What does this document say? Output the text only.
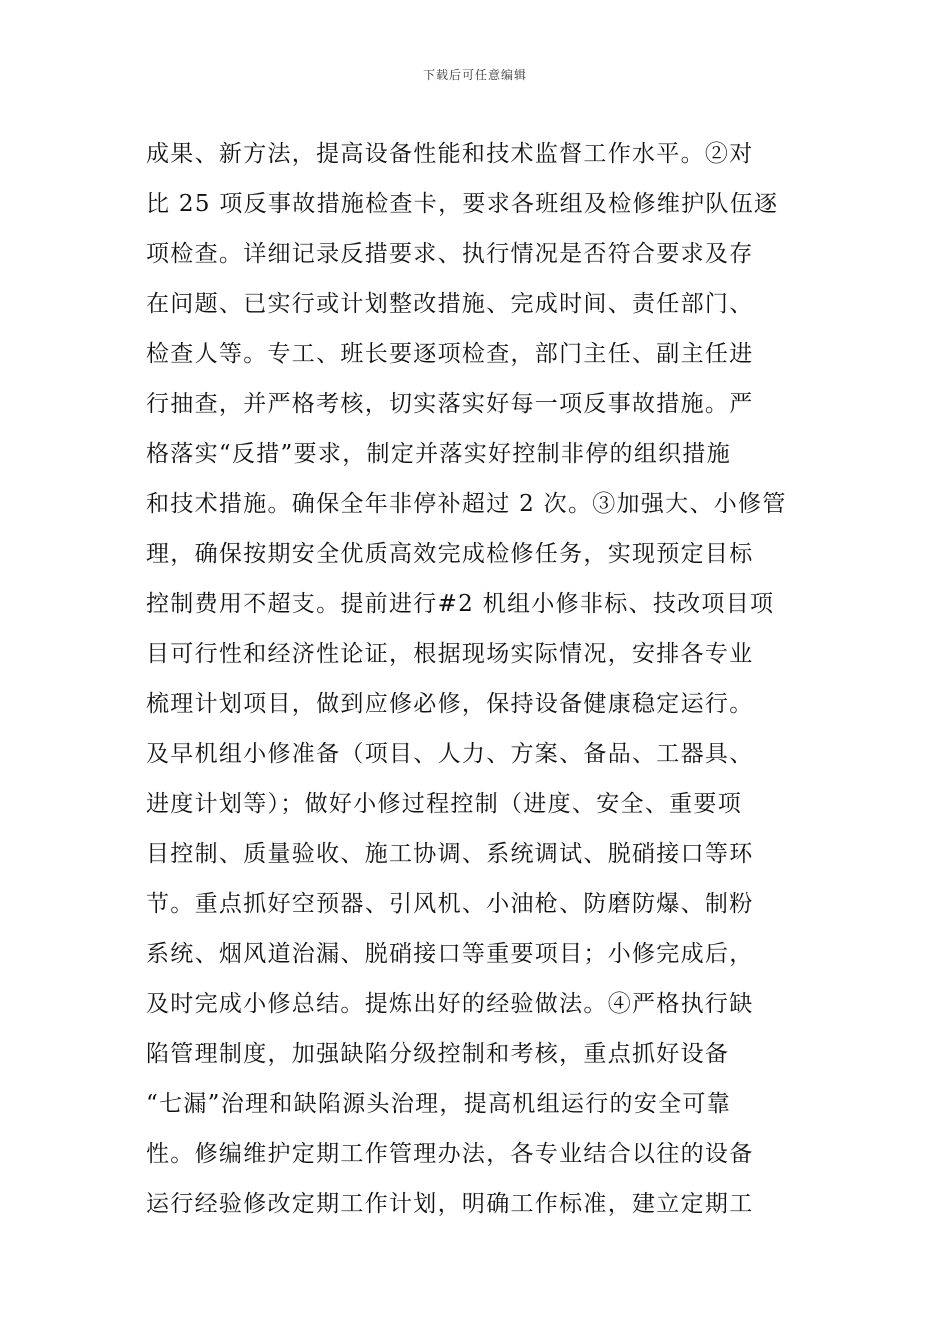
下载后可任意编辑
成果、新方法，提高设备性能和技术监督工作水平。②对
比 25 项反事故措施检查卡，要求各班组及检修维护队伍逐
项检查。详细记录反措要求、执行情况是否符合要求及存
在问题、已实行或计划整改措施、完成时间、责任部门、
检查人等。专工、班长要逐项检查，部门主任、副主任进
行抽查，并严格考核，切实落实好每一项反事故措施。严
格落实“反措”要求，制定并落实好控制非停的组织措施
和技术措施。确保全年非停补超过 2 次。③加强大、小修管
理，确保按期安全优质高效完成检修任务，实现预定目标
控制费用不超支。提前进行#2 机组小修非标、技改项目项
目可行性和经济性论证，根据现场实际情况，安排各专业
梳理计划项目，做到应修必修，保持设备健康稳定运行。
及早机组小修准备（项目、人力、方案、备品、工器具、
进度计划等）；做好小修过程控制（进度、安全、重要项
目控制、质量验收、施工协调、系统调试、脱硝接口等环
节。重点抓好空预器、引风机、小油枪、防磨防爆、制粉
系统、烟风道治漏、脱硝接口等重要项目；小修完成后，
及时完成小修总结。提炼出好的经验做法。④严格执行缺
陷管理制度，加强缺陷分级控制和考核，重点抓好设备
“七漏”治理和缺陷源头治理，提高机组运行的安全可靠
性。修编维护定期工作管理办法，各专业结合以往的设备
运行经验修改定期工作计划，明确工作标准，建立定期工
